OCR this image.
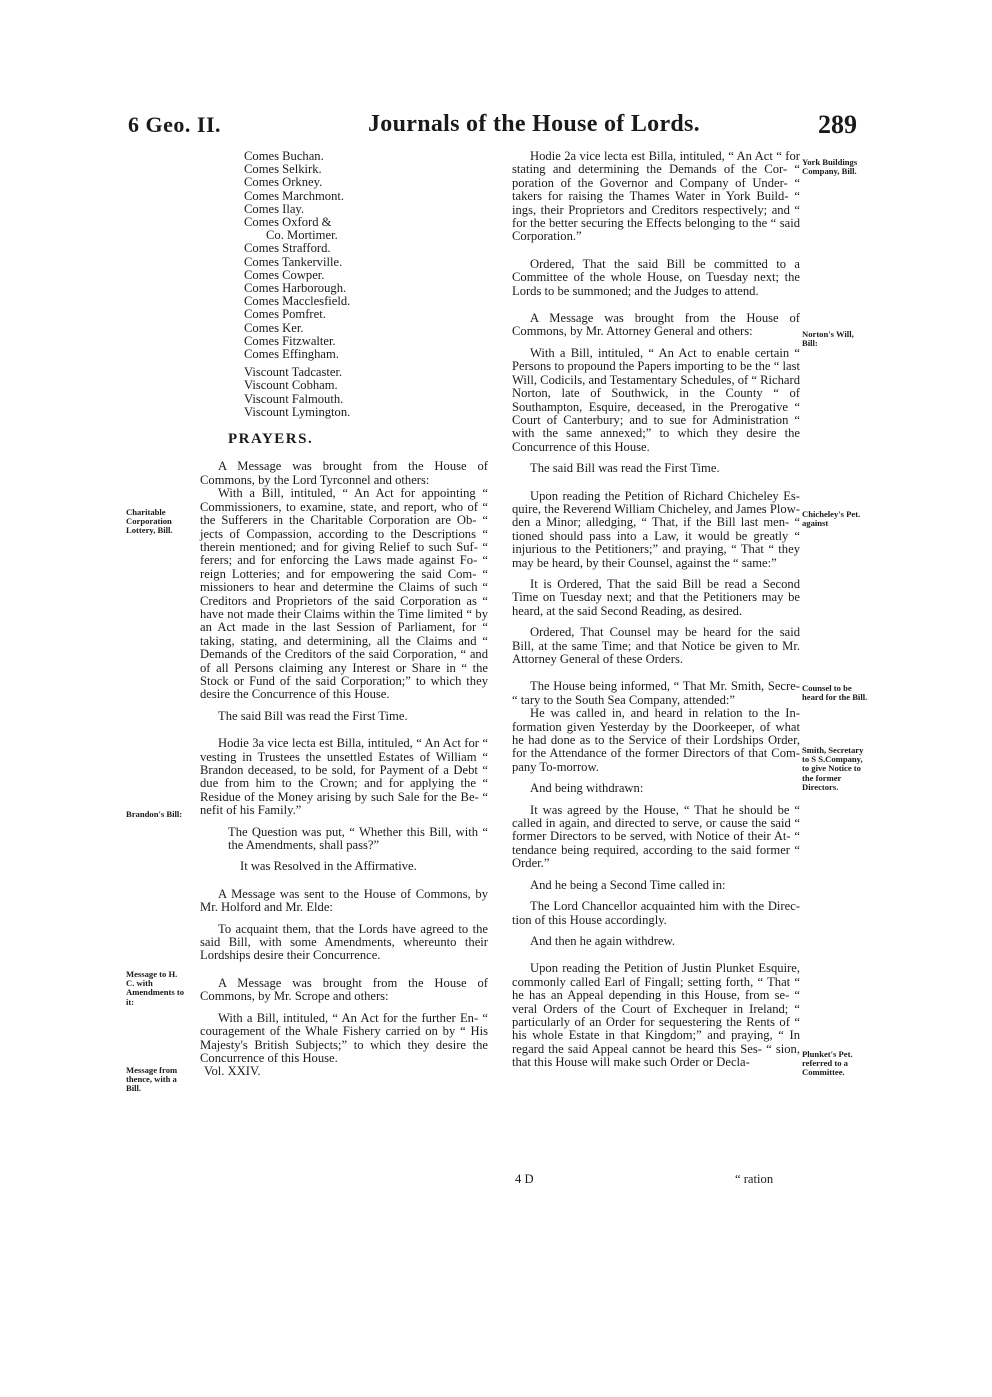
6 Geo. II.	Journals of the House of Lords.	289
Comes Buchan.
Comes Selkirk.
Comes Orkney.
Comes Marchmont.
Comes Ilay.
Comes Oxford &
Co. Mortimer.
Comes Strafford.
Comes Tankerville.
Comes Cowper.
Comes Harborough.
Comes Macclesfield.
Comes Pomfret.
Comes Ker.
Comes Fitzwalter.
Comes Effingham.
Viscount Tadcaster.
Viscount Cobham.
Viscount Falmouth.
Viscount Lymington.
PRAYERS.

A Message was brought from the House of Commons, by the Lord Tyrconnel and others:

With a Bill, intituled, “ An Act for appointing “ Commissioners, to examine, state, and report, who of “ the Sufferers in the Charitable Corporation are Ob- “ jects of Compassion, according to the Descriptions “ therein mentioned; and for giving Relief to such Suf- “ ferers; and for enforcing the Laws made against Fo- “ reign Lotteries; and for empowering the said Com- “ missioners to hear and determine the Claims of such “ Creditors and Proprietors of the said Corporation as “ have not made their Claims within the Time limited “ by an Act made in the last Session of Parliament, for “ taking, stating, and determining, all the Claims and “ Demands of the Creditors of the said Corporation, “ and of all Persons claiming any Interest or Share in “ the Stock or Fund of the said Corporation;” to which they desire the Concurrence of this House.

The said Bill was read the First Time.

Hodie 3a vice lecta est Billa, intituled, “ An Act for “ vesting in Trustees the unsettled Estates of William “ Brandon deceased, to be sold, for Payment of a Debt “ due from him to the Crown; and for applying the “ Residue of the Money arising by such Sale for the Be- “ nefit of his Family.”

The Question was put, “ Whether this Bill, with “ the Amendments, shall pass?”

It was Resolved in the Affirmative.

A Message was sent to the House of Commons, by Mr. Holford and Mr. Elde:

To acquaint them, that the Lords have agreed to the said Bill, with some Amendments, whereunto their Lordships desire their Concurrence.

A Message was brought from the House of Commons, by Mr. Scrope and others:

With a Bill, intituled, “ An Act for the further En- “ couragement of the Whale Fishery carried on by “ His Majesty's British Subjects;” to which they desire the Concurrence of this House.

Vol. XXIV.

Hodie 2a vice lecta est Billa, intituled, “ An Act “ for stating and determining the Demands of the Cor- “ poration of the Governor and Company of Under- “ takers for raising the Thames Water in York Build- “ ings, their Proprietors and Creditors respectively; and “ for the better securing the Effects belonging to the “ said Corporation.”

Ordered, That the said Bill be committed to a Committee of the whole House, on Tuesday next; the Lords to be summoned; and the Judges to attend.

A Message was brought from the House of Commons, by Mr. Attorney General and others:

With a Bill, intituled, “ An Act to enable certain “ Persons to propound the Papers importing to be the “ last Will, Codicils, and Testamentary Schedules, of “ Richard Norton, late of Southwick, in the County “ of Southampton, Esquire, deceased, in the Prerogative “ Court of Canterbury; and to sue for Administration “ with the same annexed;” to which they desire the Concurrence of this House.

The said Bill was read the First Time.

Upon reading the Petition of Richard Chicheley Es- quire, the Reverend William Chicheley, and James Plow- den a Minor; alledging, “ That, if the Bill last men- “ tioned should pass into a Law, it would be greatly “ injurious to the Petitioners;” and praying, “ That “ they may be heard, by their Counsel, against the “ same:”

It is Ordered, That the said Bill be read a Second Time on Tuesday next; and that the Petitioners may be heard, at the said Second Reading, as desired.

Ordered, That Counsel may be heard for the said Bill, at the same Time; and that Notice be given to Mr. Attorney General of these Orders.

The House being informed, “ That Mr. Smith, Secre- “ tary to the South Sea Company, attended:”

He was called in, and heard in relation to the In- formation given Yesterday by the Doorkeeper, of what he had done as to the Service of their Lordships Order, for the Attendance of the former Directors of that Com- pany To-morrow.

And being withdrawn:

It was agreed by the House, “ That he should be “ called in again, and directed to serve, or cause the said “ former Directors to be served, with Notice of their At- “ tendance being required, according to the said former “ Order.”

And he being a Second Time called in:

The Lord Chancellor acquainted him with the Direc- tion of this House accordingly.

And then he again withdrew.

Upon reading the Petition of Justin Plunket Esquire, commonly called Earl of Fingall; setting forth, “ That “ he has an Appeal depending in this House, from se- “ veral Orders of the Court of Exchequer in Ireland; “ particularly of an Order for sequestering the Rents of “ his whole Estate in that Kingdom;” and praying, “ In regard the said Appeal cannot be heard this Ses- “ sion, that this House will make such Order or Decla-

4 D	“ ration
Charitable Corporation Lottery, Bill.
Brandon's Bill:
Message to H. C. with Amendments to it:
Message from thence, with a Bill.
York Buildings Company, Bill.
Norton's Will, Bill:
Chicheley's Pet. against
Counsel to be heard for the Bill.
Smith, Secretary to S S.Company, to give Notice to the former Directors.
Plunket's Pet. referred to a Committee.
